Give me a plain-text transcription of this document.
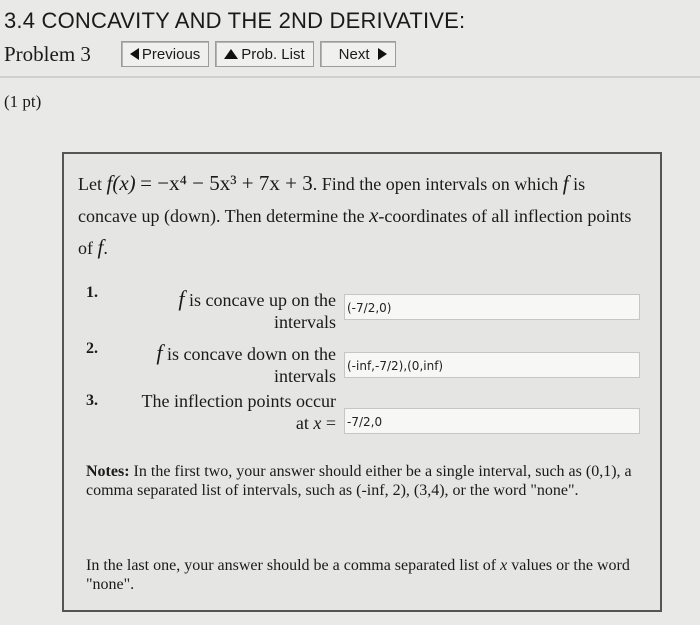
3.4 CONCAVITY AND THE 2ND DERIVATIVE:
Problem 3	Previous	Prob. List Next
(1 pt)
Let f(x) = −x⁴ − 5x³ + 7x + 3. Find the open intervals on which f is concave up (down). Then determine the x-coordinates of all inflection points of f.
1.	f is concave up on the
intervals
(-7/2,0)
2.	f is concave down on the
intervals (-inf,-7/2),(0,inf)
3.	The inflection points occur
at x = -7/2,0
Notes: In the first two, your answer should either be a single interval, such as (0,1), a comma separated list of intervals, such as (-inf, 2), (3,4), or the word "none".
In the last one, your answer should be a comma separated list of x values or the word "none".
